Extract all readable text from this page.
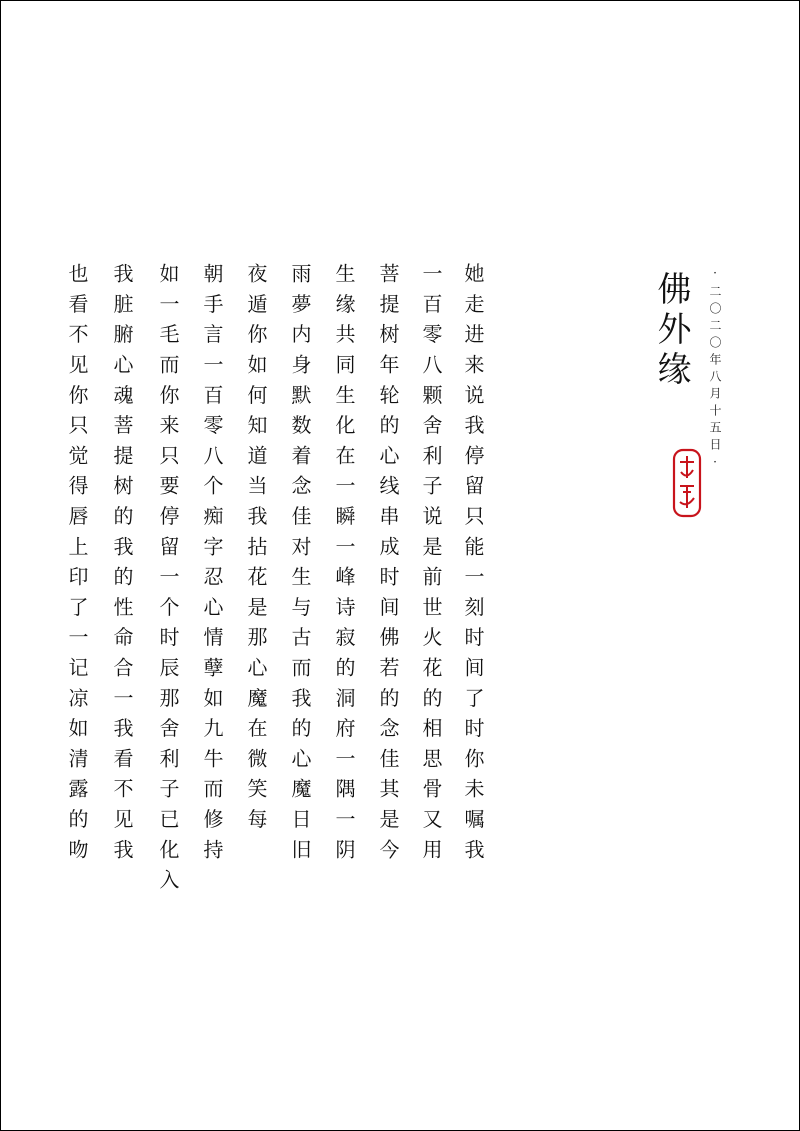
·二〇二〇年八月十五日·
佛外缘
她走进来说我停留只能一刻时间了时你未嘱我
一百零八颗舍利子说是前世火花的相思骨又用
菩提树年轮的心线串成时间佛若的念佳其是今
生缘共同生化在一瞬一峰诗寂的洞府一隅一阴
雨夢内身默数着念佳对生与古而我的心魔日旧
夜遁你如何知道当我拈花是那心魔在微笑每
朝手言一百零八个痴字忍心情孽如九牛而修持
如一毛而你来只要停留一个时辰那舍利子已化入
我脏腑心魂菩提树的我的性命合一我看不见我
也看不见你只觉得唇上印了一记凉如清露的吻
